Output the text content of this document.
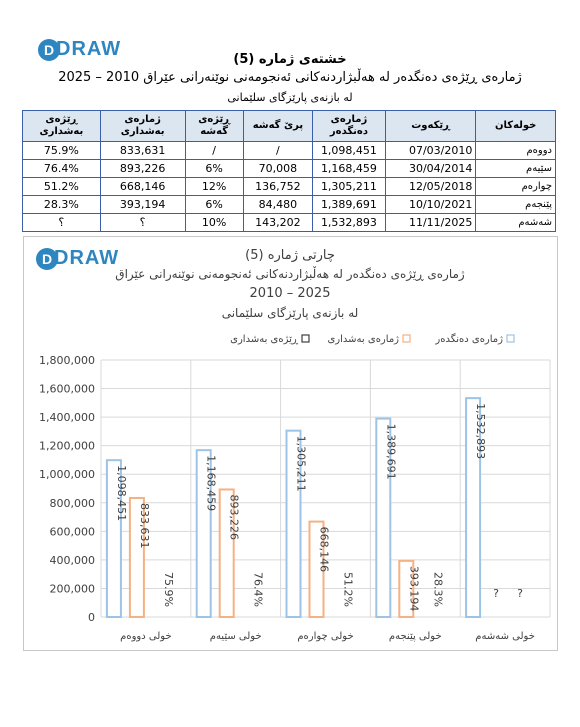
D DRAW	خشتەی ژمارە (5)
ژمارەی ڕێژەی دەنگدەر لە هەڵبژاردنەکانی ئەنجومەنی نوێنەرانی عێراق 2010 – 2025
لە بازنەی پارێزگای سلێمانی
خولەکان	ڕێکەوت	ژمارەی دەنگدەر	پرێ گەشە	ڕێژەی گەشە	ژمارەی بەشداری	ڕێژەی بەشداری
دووەم	07/03/2010	1,098,451	/	/	833,631	75.9%
سێیەم	30/04/2014	1,168,459	70,008	6%	893,226	76.4%
چوارەم	12/05/2018	1,305,211	136,752	12%	668,146	51.2%
پێنجەم	10/10/2021	1,389,691	84,480	6%	393,194	28.3%
شەشەم	11/11/2025	1,532,893	143,202	10%	؟	؟
D DRAW	چارتی ژمارە (5)
ژمارەی ڕێژەی دەنگدەر لە هەڵبژاردنەکانی ئەنجومەنی نوێنەرانی عێراق
2010 – 2025
لە بازنەی پارێزگای سلێمانی
ژمارەی دەنگدەر
ژمارەی بەشداری
ڕێژەی بەشداری
0
200,000
400,000
600,000
800,000
1,000,000
1,200,000
1,400,000
1,600,000
1,800,000
1,098,451
833,631
75.9%
خولی دووەم
1,168,459
893,226
76.4%
خولی سێیەم
1,305,211
668,146
51.2%
خولی چوارەم
1,389,691
393,194 28.3%
خولی پێنجەم
1,532,893
? ?
خولی شەشەم
